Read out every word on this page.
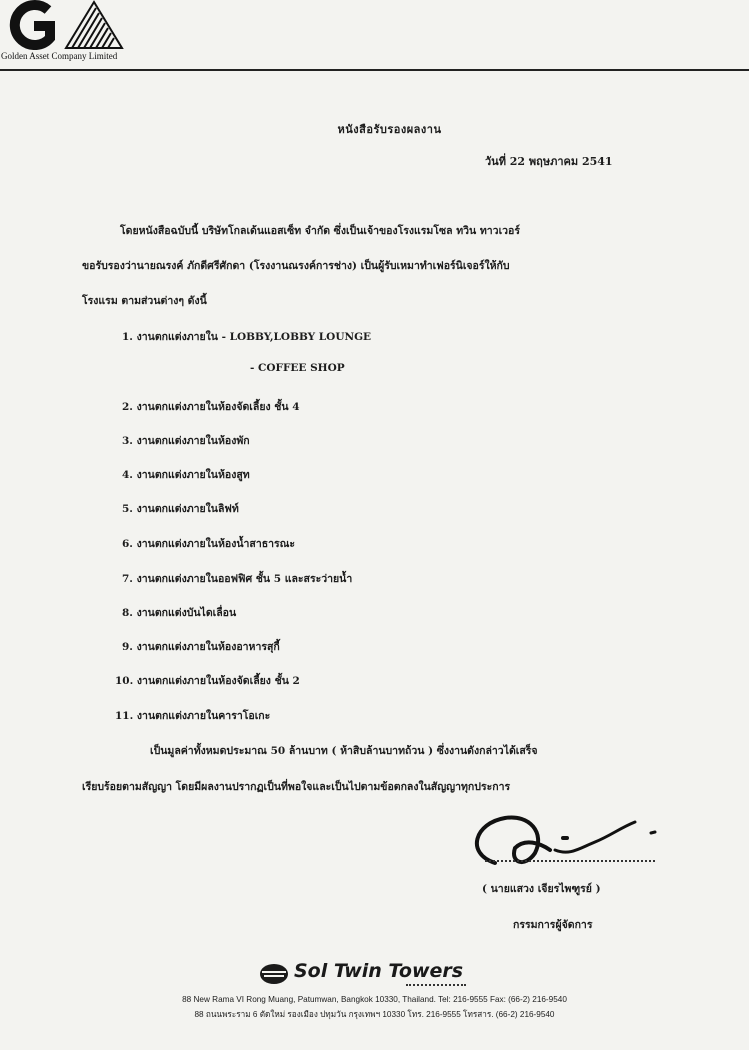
Golden Asset Company Limited
หนังสือรับรองผลงาน
วันที่ 22 พฤษภาคม 2541
โดยหนังสือฉบับนี้ บริษัทโกลเด้นแอสเซ็ท จำกัด ซึ่งเป็นเจ้าของโรงแรมโซล ทวิน ทาวเวอร์
ขอรับรองว่านายณรงค์ ภักดีศรีศักดา (โรงงานณรงค์การช่าง) เป็นผู้รับเหมาทำเฟอร์นิเจอร์ให้กับ
โรงแรม ตามส่วนต่างๆ ดังนี้
1. งานตกแต่งภายใน - LOBBY,LOBBY LOUNGE
- COFFEE SHOP
2. งานตกแต่งภายในห้องจัดเลี้ยง ชั้น 4
3. งานตกแต่งภายในห้องพัก
4. งานตกแต่งภายในห้องสูท
5. งานตกแต่งภายในลิฟท์
6. งานตกแต่งภายในห้องน้ำสาธารณะ
7. งานตกแต่งภายในออฟฟิศ ชั้น 5 และสระว่ายน้ำ
8. งานตกแต่งบันไดเลื่อน
9. งานตกแต่งภายในห้องอาหารสุกี้
10. งานตกแต่งภายในห้องจัดเลี้ยง ชั้น 2
11. งานตกแต่งภายในคาราโอเกะ
เป็นมูลค่าทั้งหมดประมาณ 50 ล้านบาท ( ห้าสิบล้านบาทถ้วน ) ซึ่งงานดังกล่าวได้เสร็จ
เรียบร้อยตามสัญญา โดยมีผลงานปรากฏเป็นที่พอใจและเป็นไปตามข้อตกลงในสัญญาทุกประการ
( นายแสวง เจียรไพฑูรย์ )
กรรมการผู้จัดการ
Sol Twin Towers
88 New Rama VI Rong Muang, Patumwan, Bangkok 10330, Thailand. Tel: 216-9555 Fax: (66-2) 216-9540
88 ถนนพระราม 6 ตัดใหม่ รองเมือง ปทุมวัน กรุงเทพฯ 10330 โทร. 216-9555 โทรสาร. (66-2) 216-9540
